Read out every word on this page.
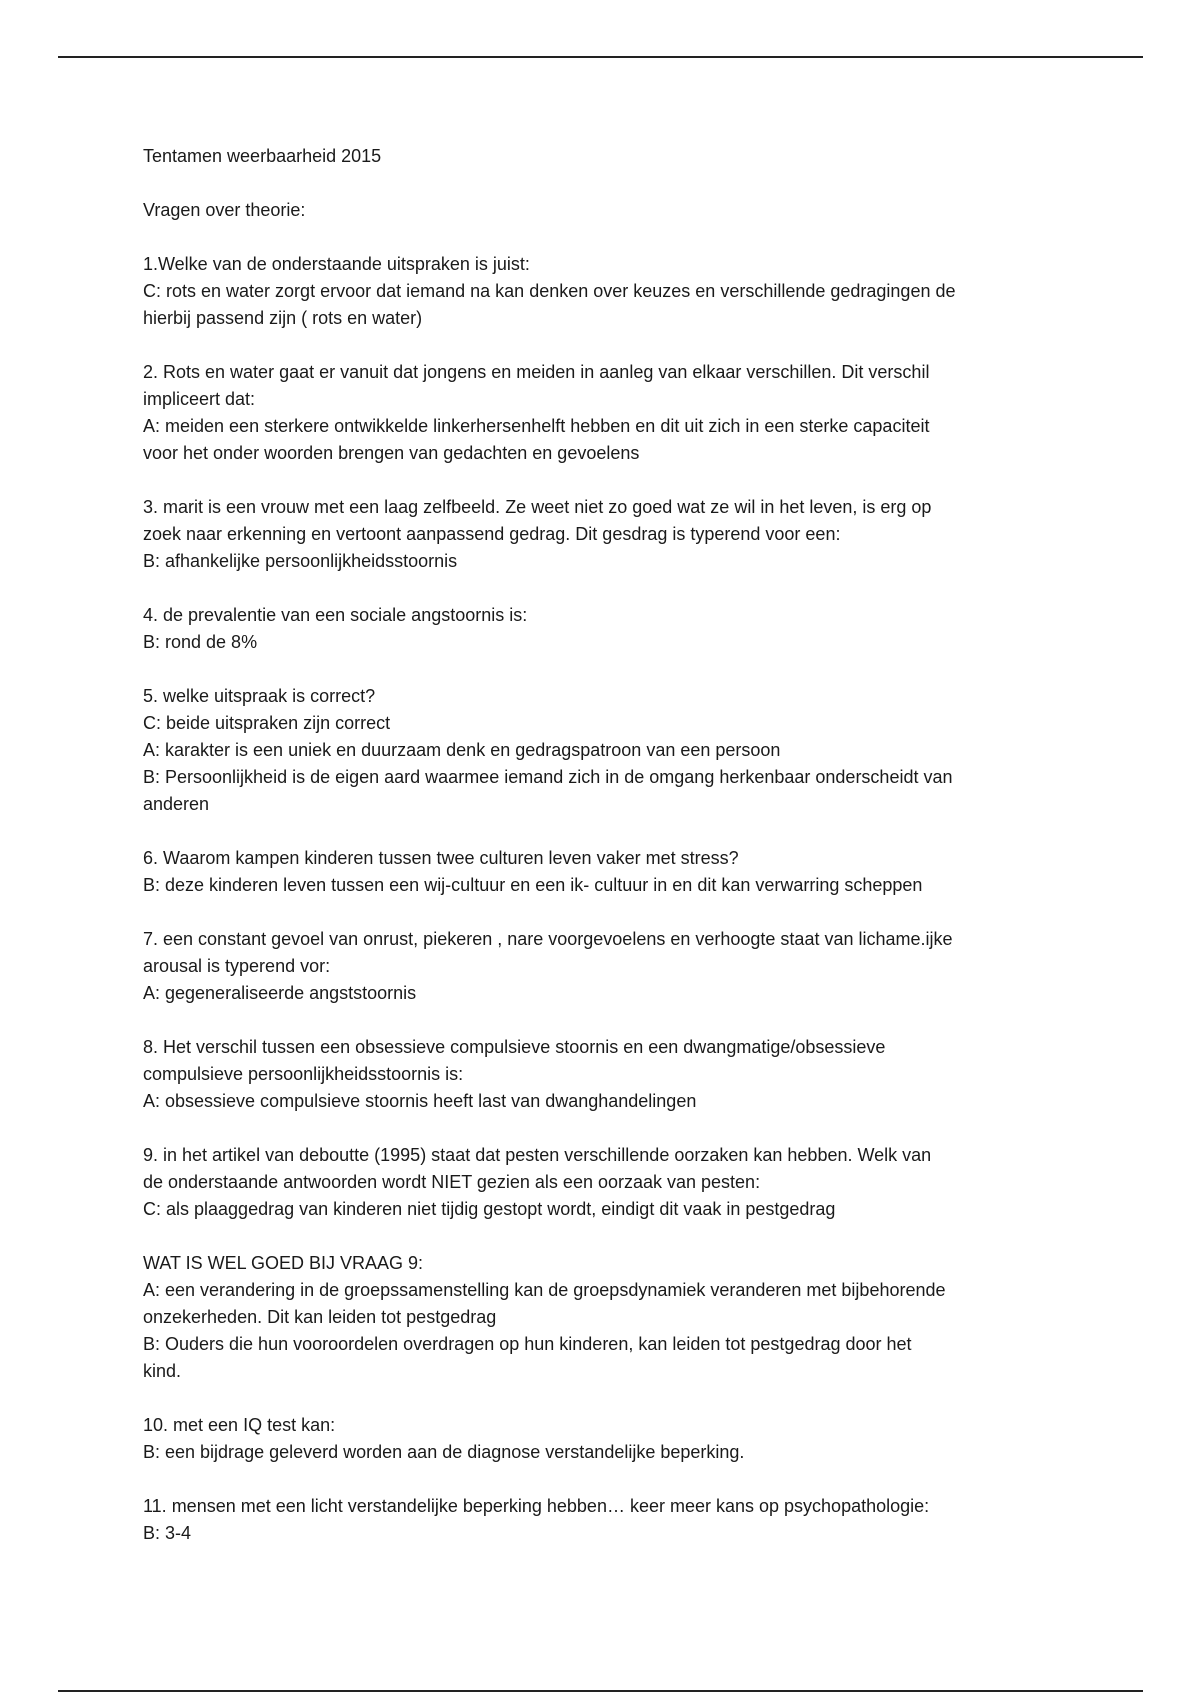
Tentamen weerbaarheid 2015
Vragen over theorie:
1.Welke van de onderstaande uitspraken is juist:
C: rots en water zorgt ervoor dat iemand na kan denken over keuzes en verschillende gedragingen de
hierbij passend zijn ( rots en water)
2. Rots en water gaat er vanuit dat jongens en meiden in aanleg van elkaar verschillen. Dit verschil
impliceert dat:
A: meiden een sterkere ontwikkelde linkerhersenhelft hebben en dit uit zich in een sterke capaciteit
voor het onder woorden brengen van gedachten en gevoelens
3. marit is een vrouw met een laag zelfbeeld. Ze weet niet zo goed wat ze wil in het leven, is erg op
zoek naar erkenning en vertoont aanpassend gedrag. Dit gesdrag is typerend voor een:
B: afhankelijke persoonlijkheidsstoornis
4. de prevalentie van een sociale angstoornis is:
B: rond de 8%
5. welke uitspraak is correct?
C: beide uitspraken zijn correct
A: karakter is een uniek en duurzaam denk en gedragspatroon van een persoon
B: Persoonlijkheid is de eigen aard waarmee iemand zich in de omgang herkenbaar onderscheidt van
anderen
6. Waarom kampen kinderen tussen twee culturen leven vaker met stress?
B: deze kinderen leven tussen een wij-cultuur en een ik- cultuur in en dit kan verwarring scheppen
7. een constant gevoel van onrust, piekeren , nare voorgevoelens en verhoogte staat van lichame.ijke
arousal is typerend vor:
A: gegeneraliseerde angststoornis
8. Het verschil tussen een obsessieve compulsieve stoornis en een dwangmatige/obsessieve
compulsieve persoonlijkheidsstoornis is:
A: obsessieve compulsieve stoornis heeft last van dwanghandelingen
9. in het artikel van deboutte (1995) staat dat pesten verschillende oorzaken kan hebben. Welk van
de onderstaande antwoorden wordt NIET gezien als een oorzaak van pesten:
C: als plaaggedrag van kinderen niet tijdig gestopt wordt, eindigt dit vaak in pestgedrag
WAT IS WEL GOED BIJ VRAAG 9:
A: een verandering in de groepssamenstelling kan de groepsdynamiek veranderen met bijbehorende
onzekerheden. Dit kan leiden tot pestgedrag
B: Ouders die hun vooroordelen overdragen op hun kinderen, kan leiden tot pestgedrag door het
kind.
10. met een IQ test kan:
B: een bijdrage geleverd worden aan de diagnose verstandelijke beperking.
11. mensen met een licht verstandelijke beperking hebben… keer meer kans op psychopathologie:
B: 3-4
